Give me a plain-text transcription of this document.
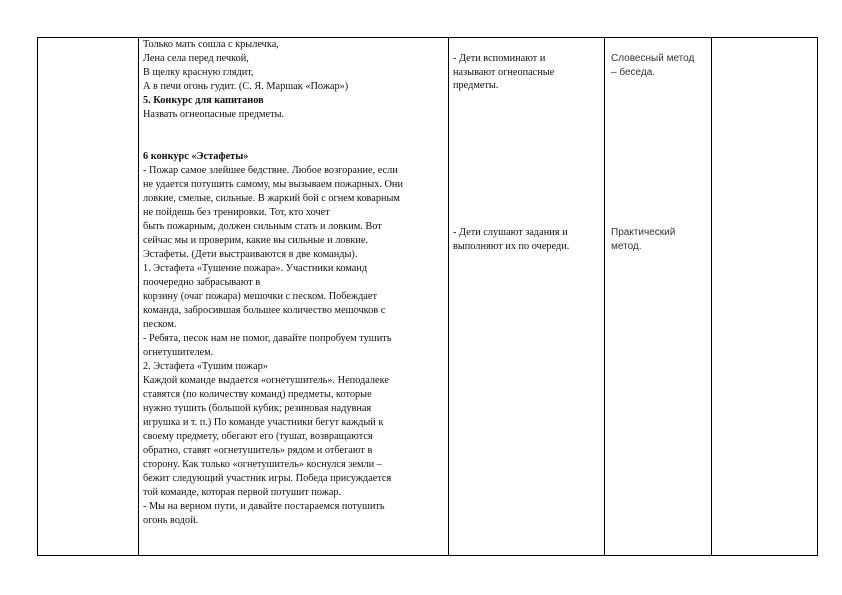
Только мать сошла с крылечка,

Лена села перед печкой,

В щелку красную глядит,

А в печи огонь гудит. (С. Я. Маршак «Пожар»)

5. Конкурс для капитанов

Назвать огнеопасные предметы.

6 конкурс «Эстафеты»

- Пожар самое злейшее бедствие. Любое возгорание, если

не удается потушить самому, мы вызываем пожарных. Они

ловкие, смелые, сильные. В жаркий бой с огнем коварным

не пойдешь без тренировки. Тот, кто хочет

быть пожарным, должен сильным стать и ловким. Вот

сейчас мы и проверим, какие вы сильные и ловкие.

Эстафеты. (Дети выстраиваются в две команды).

1. Эстафета «Тушение пожара». Участники команд

поочередно забрасывают в

корзину (очаг пожара) мешочки с песком. Побеждает

команда, забросившая большее количество мешочков с

песком.

- Ребята, песок нам не помог, давайте попробуем тушить

огнетушителем.

2. Эстафета «Тушим пожар»

Каждой команде выдается «огнетушитель». Неподалеке

ставятся (по количеству команд) предметы, которые

нужно тушить (большой кубик; резиновая надувная

игрушка и т. п.) По команде участники бегут каждый к

своему предмету, обегают его (тушат, возвращаются

обратно, ставят «огнетушитель» рядом и отбегают в

сторону. Как только «огнетушитель» коснулся земли –

бежит следующий участник игры. Победа присуждается

той команде, которая первой потушит пожар.

- Мы на верном пути, и давайте постараемся потушить

огонь водой.

- Дети вспоминают и

называют огнеопасные

предметы.

- Дети слушают задания и

выполняют их по очереди.

Словесный метод

– беседа.

Практический

метод.
